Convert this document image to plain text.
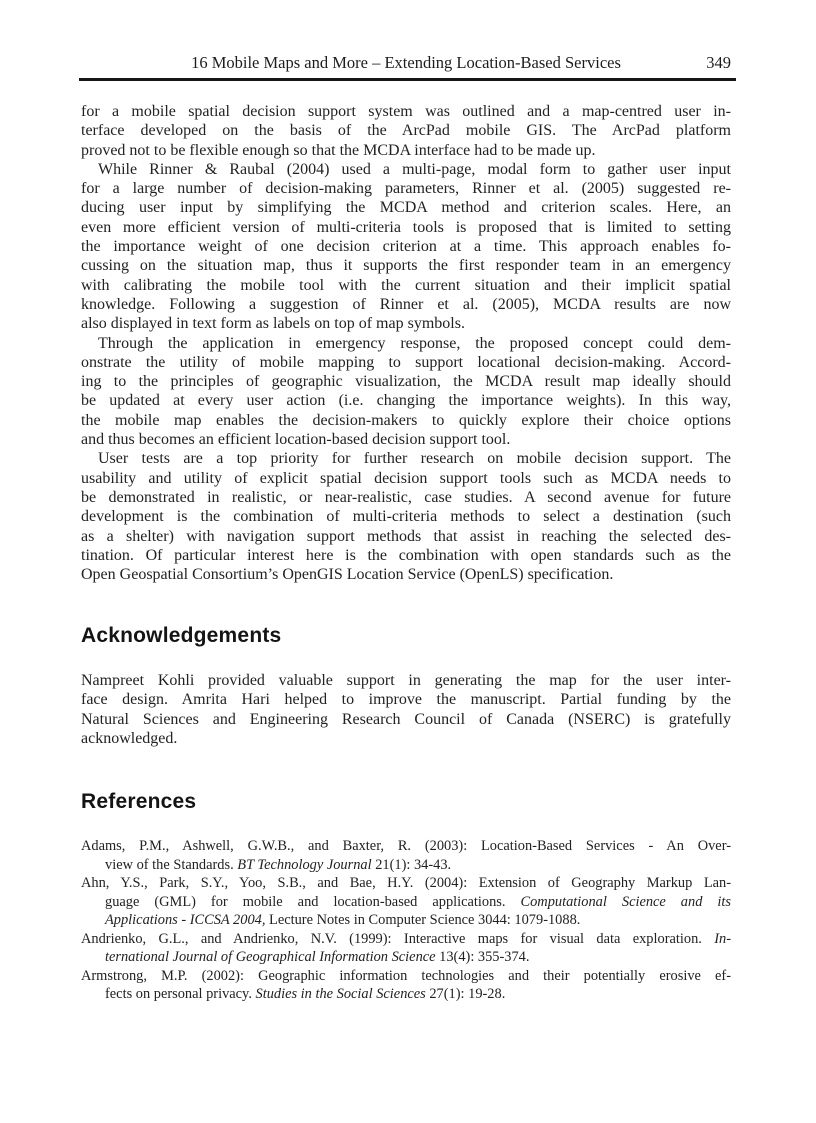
16 Mobile Maps and More – Extending Location-Based Services	349
for a mobile spatial decision support system was outlined and a map-centred user in-
terface developed on the basis of the ArcPad mobile GIS. The ArcPad platform
proved not to be flexible enough so that the MCDA interface had to be made up.
While Rinner & Raubal (2004) used a multi-page, modal form to gather user input
for a large number of decision-making parameters, Rinner et al. (2005) suggested re-
ducing user input by simplifying the MCDA method and criterion scales. Here, an
even more efficient version of multi-criteria tools is proposed that is limited to setting
the importance weight of one decision criterion at a time. This approach enables fo-
cussing on the situation map, thus it supports the first responder team in an emergency
with calibrating the mobile tool with the current situation and their implicit spatial
knowledge. Following a suggestion of Rinner et al. (2005), MCDA results are now
also displayed in text form as labels on top of map symbols.
Through the application in emergency response, the proposed concept could dem-
onstrate the utility of mobile mapping to support locational decision-making. Accord-
ing to the principles of geographic visualization, the MCDA result map ideally should
be updated at every user action (i.e. changing the importance weights). In this way,
the mobile map enables the decision-makers to quickly explore their choice options
and thus becomes an efficient location-based decision support tool.
User tests are a top priority for further research on mobile decision support. The
usability and utility of explicit spatial decision support tools such as MCDA needs to
be demonstrated in realistic, or near-realistic, case studies. A second avenue for future
development is the combination of multi-criteria methods to select a destination (such
as a shelter) with navigation support methods that assist in reaching the selected des-
tination. Of particular interest here is the combination with open standards such as the
Open Geospatial Consortium’s OpenGIS Location Service (OpenLS) specification.
Acknowledgements
Nampreet Kohli provided valuable support in generating the map for the user inter-
face design. Amrita Hari helped to improve the manuscript. Partial funding by the
Natural Sciences and Engineering Research Council of Canada (NSERC) is gratefully
acknowledged.
References
Adams, P.M., Ashwell, G.W.B., and Baxter, R. (2003): Location-Based Services - An Over-
view of the Standards. BT Technology Journal 21(1): 34-43.
Ahn, Y.S., Park, S.Y., Yoo, S.B., and Bae, H.Y. (2004): Extension of Geography Markup Lan-
guage (GML) for mobile and location-based applications. Computational Science and its
Applications - ICCSA 2004, Lecture Notes in Computer Science 3044: 1079-1088.
Andrienko, G.L., and Andrienko, N.V. (1999): Interactive maps for visual data exploration. In-
ternational Journal of Geographical Information Science 13(4): 355-374.
Armstrong, M.P. (2002): Geographic information technologies and their potentially erosive ef-
fects on personal privacy. Studies in the Social Sciences 27(1): 19-28.
